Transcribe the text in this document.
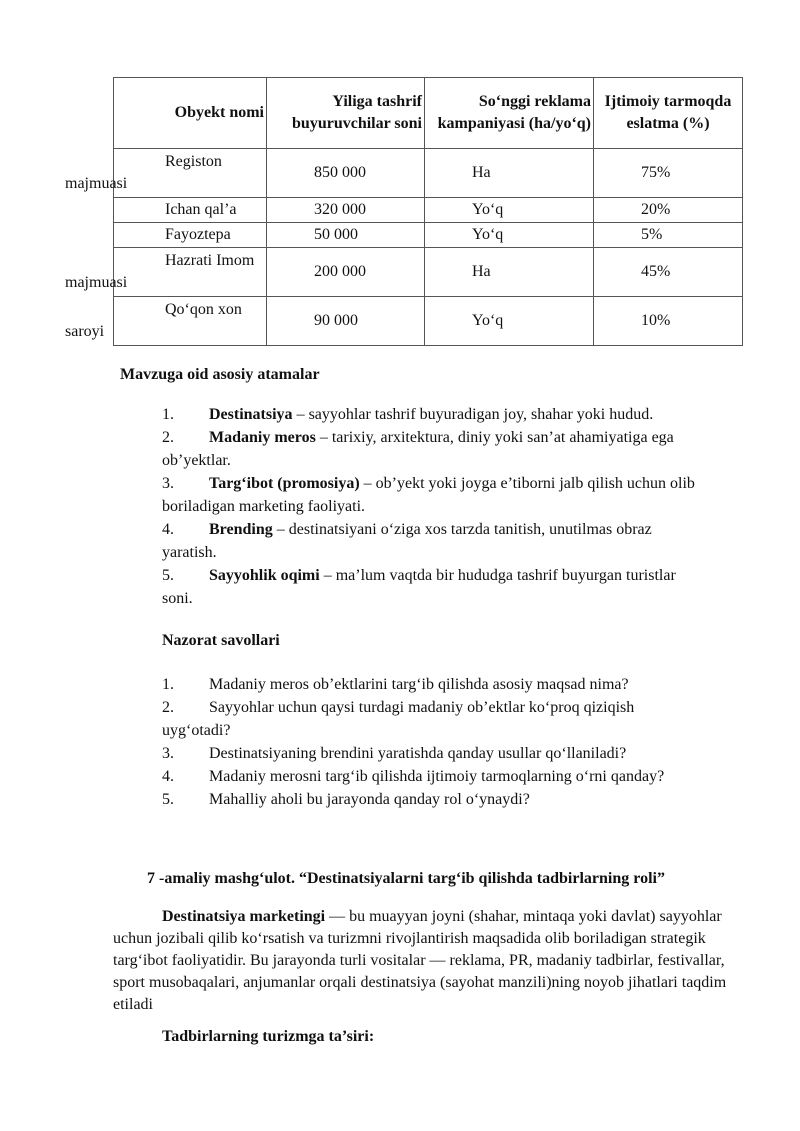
Obyekt nomi	Yiliga tashrif buyuruvchilar soni	So‘nggi reklama kampaniyasi (ha/yo‘q)	Ijtimoiy tarmoqda eslatma (%)
Registon
majmuasi	850 000	Ha	75%
Ichan qal’a	320 000	Yo‘q	20%
Fayoztepa	50 000	Yo‘q	5%
Hazrati Imom
majmuasi	200 000	Ha	45%
Qo‘qon xon
saroyi	90 000	Yo‘q	10%
Mavzuga oid asosiy atamalar
1. Destinatsiya – sayyohlar tashrif buyuradigan joy, shahar yoki hudud.
2. Madaniy meros – tarixiy, arxitektura, diniy yoki san’at ahamiyatiga ega
ob’yektlar.
3. Targ‘ibot (promosiya) – ob’yekt yoki joyga e’tiborni jalb qilish uchun olib
boriladigan marketing faoliyati.
4. Brending – destinatsiyani o‘ziga xos tarzda tanitish, unutilmas obraz
yaratish.
5. Sayyohlik oqimi – ma’lum vaqtda bir hududga tashrif buyurgan turistlar
soni.
Nazorat savollari
1. Madaniy meros ob’ektlarini targ‘ib qilishda asosiy maqsad nima?
2. Sayyohlar uchun qaysi turdagi madaniy ob’ektlar ko‘proq qiziqish
uyg‘otadi?
3. Destinatsiyaning brendini yaratishda qanday usullar qo‘llaniladi?
4. Madaniy merosni targ‘ib qilishda ijtimoiy tarmoqlarning o‘rni qanday?
5. Mahalliy aholi bu jarayonda qanday rol o‘ynaydi?
7 -amaliy mashg‘ulot. “Destinatsiyalarni targ‘ib qilishda tadbirlarning roli”

Destinatsiya marketingi — bu muayyan joyni (shahar, mintaqa yoki davlat) sayyohlar uchun jozibali qilib ko‘rsatish va turizmni rivojlantirish maqsadida olib boriladigan strategik targ‘ibot faoliyatidir. Bu jarayonda turli vositalar — reklama, PR, madaniy tadbirlar, festivallar, sport musobaqalari, anjumanlar orqali destinatsiya (sayohat manzili)ning noyob jihatlari taqdim etiladi

Tadbirlarning turizmga ta’siri:
